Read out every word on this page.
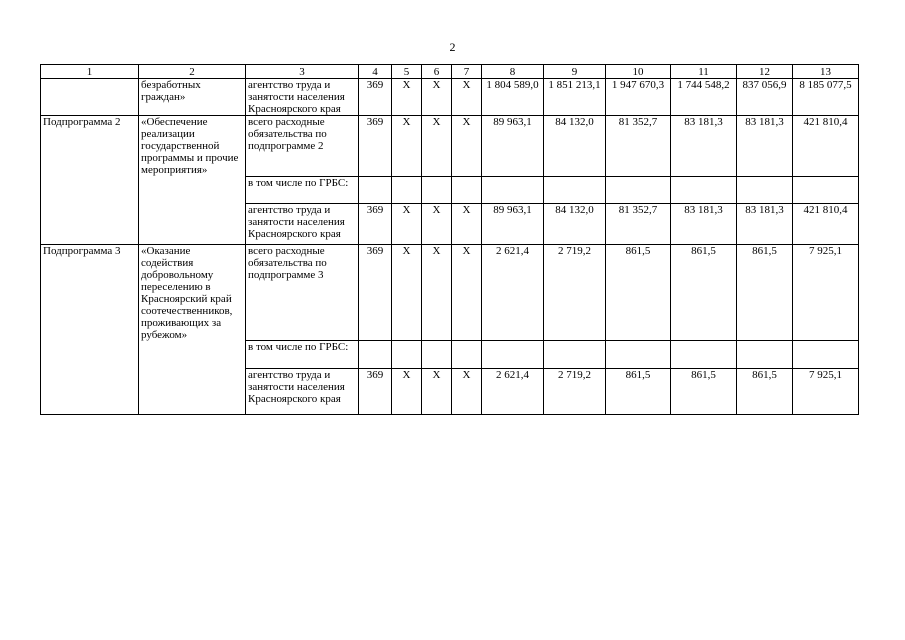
2
1	2	3	4	5	6	7	8	9	10	11	12	13
	безработных граждан»	агентство труда и занятости населения Красноярского края	369	Х	Х	Х	1 804 589,0	1 851 213,1	1 947 670,3	1 744 548,2	837 056,9	8 185 077,5
Подпрограмма 2	«Обеспечение реализации государственной программы и прочие мероприятия»	всего расходные обязательства по подпрограмме 2	369	Х	Х	Х	89 963,1	84 132,0	81 352,7	83 181,3	83 181,3	421 810,4
		в том числе по ГРБС:										
		агентство труда и занятости населения Красноярского края	369	Х	Х	Х	89 963,1	84 132,0	81 352,7	83 181,3	83 181,3	421 810,4
Подпрограмма 3	«Оказание содействия добровольному переселению в Красноярский край соотечественников, проживающих за рубежом»	всего расходные обязательства по подпрограмме 3	369	Х	Х	Х	2 621,4	2 719,2	861,5	861,5	861,5	7 925,1
		в том числе по ГРБС:										
		агентство труда и занятости населения Красноярского края	369	Х	Х	Х	2 621,4	2 719,2	861,5	861,5	861,5	7 925,1
